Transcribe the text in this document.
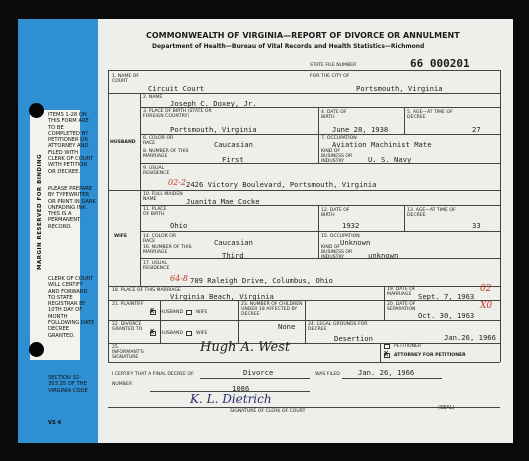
ITEMS 1-28 ON THIS FORM ARE TO BE COMPLETED BY PETITIONER OR ATTORNEY AND FILED WITH CLERK OF COURT WITH PETITION OR DECREE.
PLEASE PREPARE BY TYPEWRITER OR PRINT IN DARK UNFADING INK. THIS IS A PERMANENT RECORD.
CLERK OF COURT WILL CERTIFY AND FORWARD TO STATE REGISTRAR BY 10TH DAY OF MONTH FOLLOWING DATE DECREE GRANTED.
SECTION 32-353.35 OF THE VIRGINIA CODE
VS 4
MARGIN RESERVED FOR BINDING
COMMONWEALTH OF VIRGINIA—REPORT OF DIVORCE OR ANNULMENT
Department of Health—Bureau of Vital Records and Health Statistics—Richmond
STATE FILE NUMBER	66 000201
1. NAME OF COURT
Circuit Court
FOR THE CITY OF
Portsmouth, Virginia
HUSBAND
2. NAME
Joseph C. Doxey, Jr.
3. PLACE OF BIRTH (STATE OR FOREIGN COUNTRY)
Portsmouth, Virginia
4. DATE OF BIRTH
June 28, 1938
5. AGE—AT TIME OF DECREE
27
6. COLOR OR RACE	Caucasian
7. OCCUPATION
Aviation Machinist Mate
8. NUMBER OF THIS MARRIAGE	First
KIND OF BUSINESS OR INDUSTRY	U. S. Navy
9. USUAL RESIDENCE
02-2 2426 Victory Boulevard, Portsmouth, Virginia
WIFE
10. FULL MAIDEN NAME	Juanita Mae Cocke
11. PLACE OF BIRTH
Ohio
12. DATE OF BIRTH
1932
13. AGE—AT TIME OF DECREE
33
14. COLOR OR RACE	Caucasian
15. OCCUPATION
Unknown
16. NUMBER OF THIS MARRIAGE	Third
KIND OF BUSINESS OR INDUSTRY	unknown
17. USUAL RESIDENCE
64-8 709 Raleigh Drive, Columbus, Ohio
18. PLACE OF THIS MARRIAGE
Virginia Beach, Virginia
19. DATE OF MARRIAGE Sept. 7, 1963
02
20. DATE OF SEPARATION
Oct. 30, 1963
X0
21. PLAINTIFF
X HUSBAND	WIFE
22. DIVORCE GRANTED TO	X HUSBAND	WIFE
23. NUMBER OF CHILDREN UNDER 18 AFFECTED BY DECREE
None	24. LEGAL GROUNDS FOR DECREE
Desertion	Jan.26, 1966
25. INFORMANT'S SIGNATURE
Hugh A. West	PETITIONER
X ATTORNEY FOR PETITIONER
I CERTIFY THAT A FINAL DECREE OF	Divorce	WAS FILED	Jan. 26, 1966
NUMBER	1086
K. L. Dietrich
SIGNATURE OF CLERK OF COURT
(SEAL)
